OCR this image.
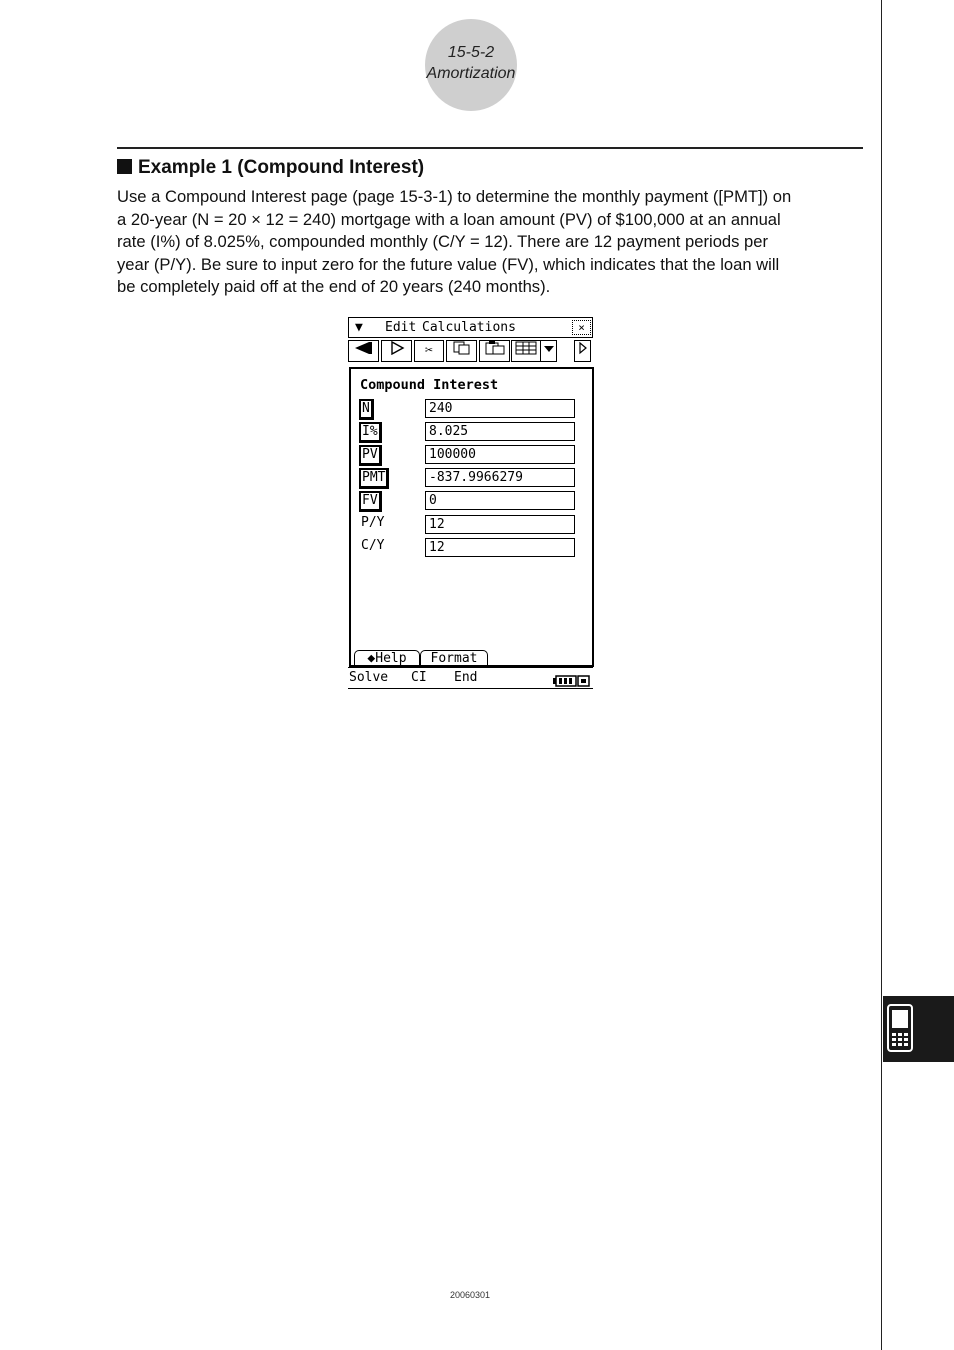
15-5-2
Amortization
Example 1 (Compound Interest)
Use a Compound Interest page (page 15-3-1) to determine the monthly payment ([PMT]) on
a 20-year (N = 20 × 12 = 240) mortgage with a loan amount (PV) of $100,000 at an annual
rate (I%) of 8.025%, compounded monthly (C/Y = 12). There are 12 payment periods per
year (P/Y). Be sure to input zero for the future value (FV), which indicates that the loan will
be completely paid off at the end of 20 years (240 months).
▼ Edit Calculations	×
✂
Compound Interest
N	240
I%	8.025
PV	100000
PMT	-837.9966279
FV	0
P/Y	12
C/Y	12
◆Help	Format
Solve CI End
20060301
